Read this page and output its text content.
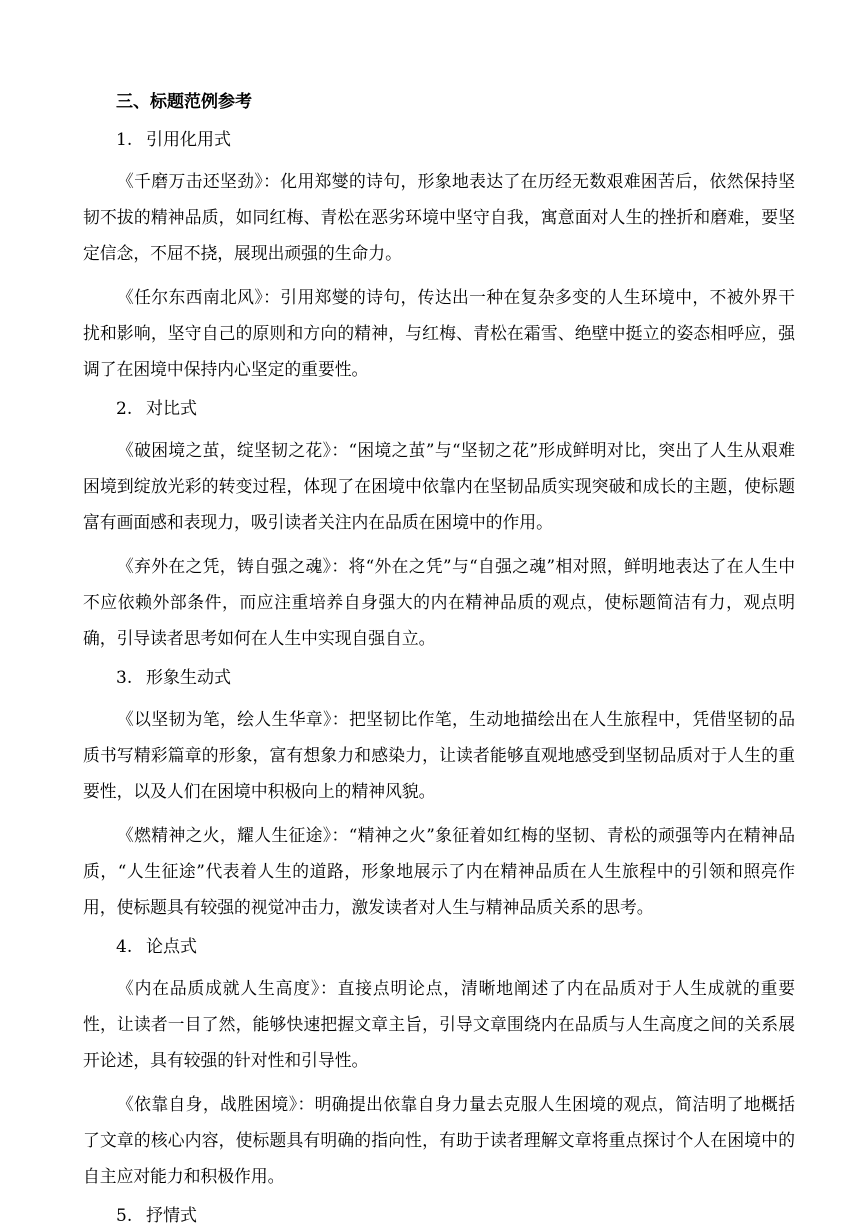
三、标题范例参考
1. 引用化用式

《千磨万击还坚劲》：化用郑燮的诗句，形象地表达了在历经无数艰难困苦后，依然保持坚韧不拔的精神品质，如同红梅、青松在恶劣环境中坚守自我，寓意面对人生的挫折和磨难，要坚定信念，不屈不挠，展现出顽强的生命力。

《任尔东西南北风》：引用郑燮的诗句，传达出一种在复杂多变的人生环境中，不被外界干扰和影响，坚守自己的原则和方向的精神，与红梅、青松在霜雪、绝壁中挺立的姿态相呼应，强调了在困境中保持内心坚定的重要性。

2. 对比式

《破困境之茧，绽坚韧之花》：“困境之茧”与“坚韧之花”形成鲜明对比，突出了人生从艰难困境到绽放光彩的转变过程，体现了在困境中依靠内在坚韧品质实现突破和成长的主题，使标题富有画面感和表现力，吸引读者关注内在品质在困境中的作用。

《弃外在之凭，铸自强之魂》：将“外在之凭”与“自强之魂”相对照，鲜明地表达了在人生中不应依赖外部条件，而应注重培养自身强大的内在精神品质的观点，使标题简洁有力，观点明确，引导读者思考如何在人生中实现自强自立。

3. 形象生动式

《以坚韧为笔，绘人生华章》：把坚韧比作笔，生动地描绘出在人生旅程中，凭借坚韧的品质书写精彩篇章的形象，富有想象力和感染力，让读者能够直观地感受到坚韧品质对于人生的重要性，以及人们在困境中积极向上的精神风貌。

《燃精神之火，耀人生征途》：“精神之火”象征着如红梅的坚韧、青松的顽强等内在精神品质，“人生征途”代表着人生的道路，形象地展示了内在精神品质在人生旅程中的引领和照亮作用，使标题具有较强的视觉冲击力，激发读者对人生与精神品质关系的思考。

4. 论点式

《内在品质成就人生高度》：直接点明论点，清晰地阐述了内在品质对于人生成就的重要性，让读者一目了然，能够快速把握文章主旨，引导文章围绕内在品质与人生高度之间的关系展开论述，具有较强的针对性和引导性。

《依靠自身，战胜困境》：明确提出依靠自身力量去克服人生困境的观点，简洁明了地概括了文章的核心内容，使标题具有明确的指向性，有助于读者理解文章将重点探讨个人在困境中的自主应对能力和积极作用。

5. 抒情式
